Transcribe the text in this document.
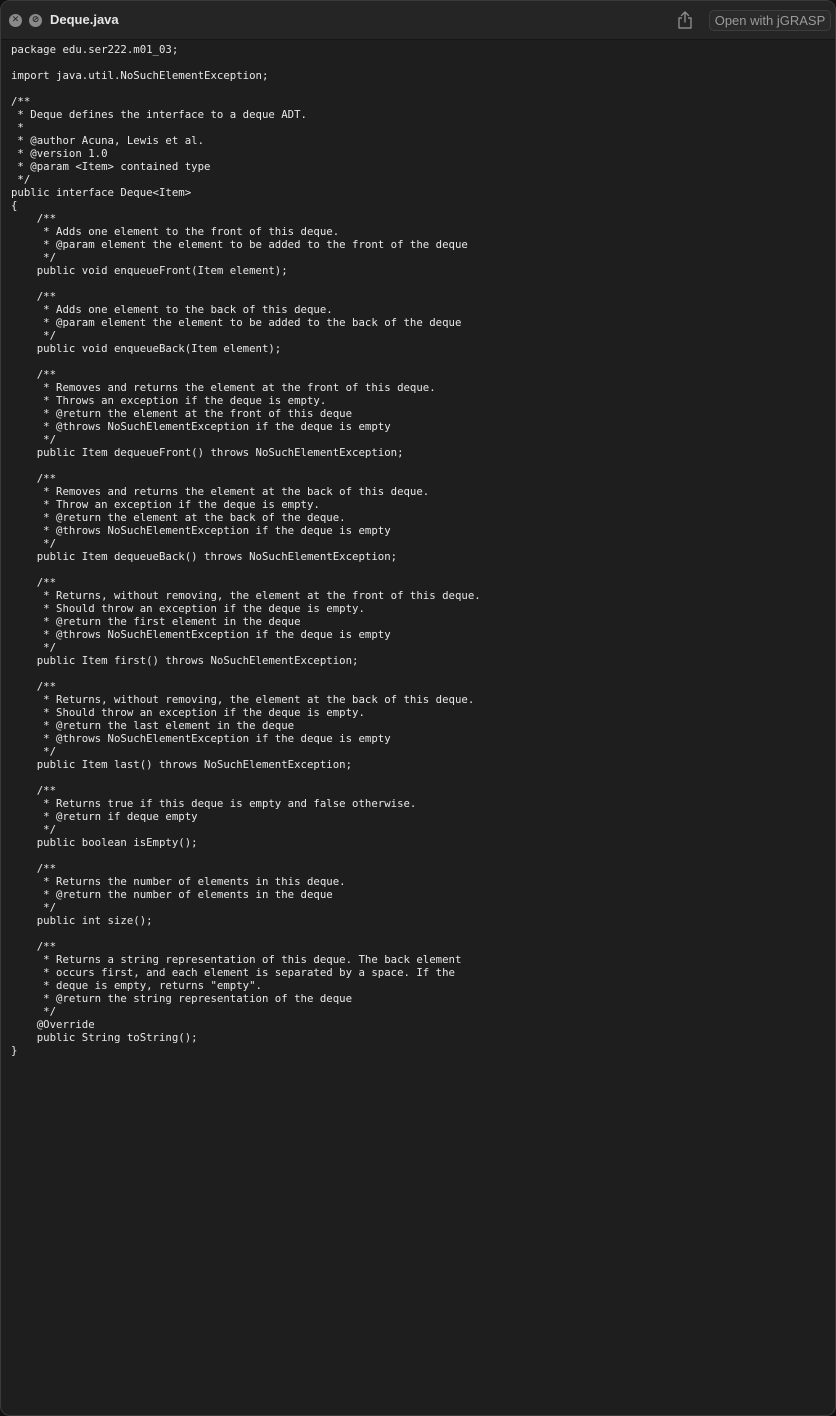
✕	⊘ Deque.java	Open with jGRASP
package edu.ser222.m01_03;
import java.util.NoSuchElementException;
/**
* Deque defines the interface to a deque ADT.
*
* @author Acuna, Lewis et al.
* @version 1.0
* @param <Item> contained type
*/
public interface Deque<Item>
{
/**
* Adds one element to the front of this deque.
* @param element the element to be added to the front of the deque
*/
public void enqueueFront(Item element);
/**
* Adds one element to the back of this deque.
* @param element the element to be added to the back of the deque
*/
public void enqueueBack(Item element);
/**
* Removes and returns the element at the front of this deque.
* Throws an exception if the deque is empty.
* @return the element at the front of this deque
* @throws NoSuchElementException if the deque is empty
*/
public Item dequeueFront() throws NoSuchElementException;
/**
* Removes and returns the element at the back of this deque.
* Throw an exception if the deque is empty.
* @return the element at the back of the deque.
* @throws NoSuchElementException if the deque is empty
*/
public Item dequeueBack() throws NoSuchElementException;
/**
* Returns, without removing, the element at the front of this deque.
* Should throw an exception if the deque is empty.
* @return the first element in the deque
* @throws NoSuchElementException if the deque is empty
*/
public Item first() throws NoSuchElementException;
/**
* Returns, without removing, the element at the back of this deque.
* Should throw an exception if the deque is empty.
* @return the last element in the deque
* @throws NoSuchElementException if the deque is empty
*/
public Item last() throws NoSuchElementException;
/**
* Returns true if this deque is empty and false otherwise.
* @return if deque empty
*/
public boolean isEmpty();
/**
* Returns the number of elements in this deque.
* @return the number of elements in the deque
*/
public int size();
/**
* Returns a string representation of this deque. The back element
* occurs first, and each element is separated by a space. If the
* deque is empty, returns "empty".
* @return the string representation of the deque
*/
@Override
public String toString();
}
